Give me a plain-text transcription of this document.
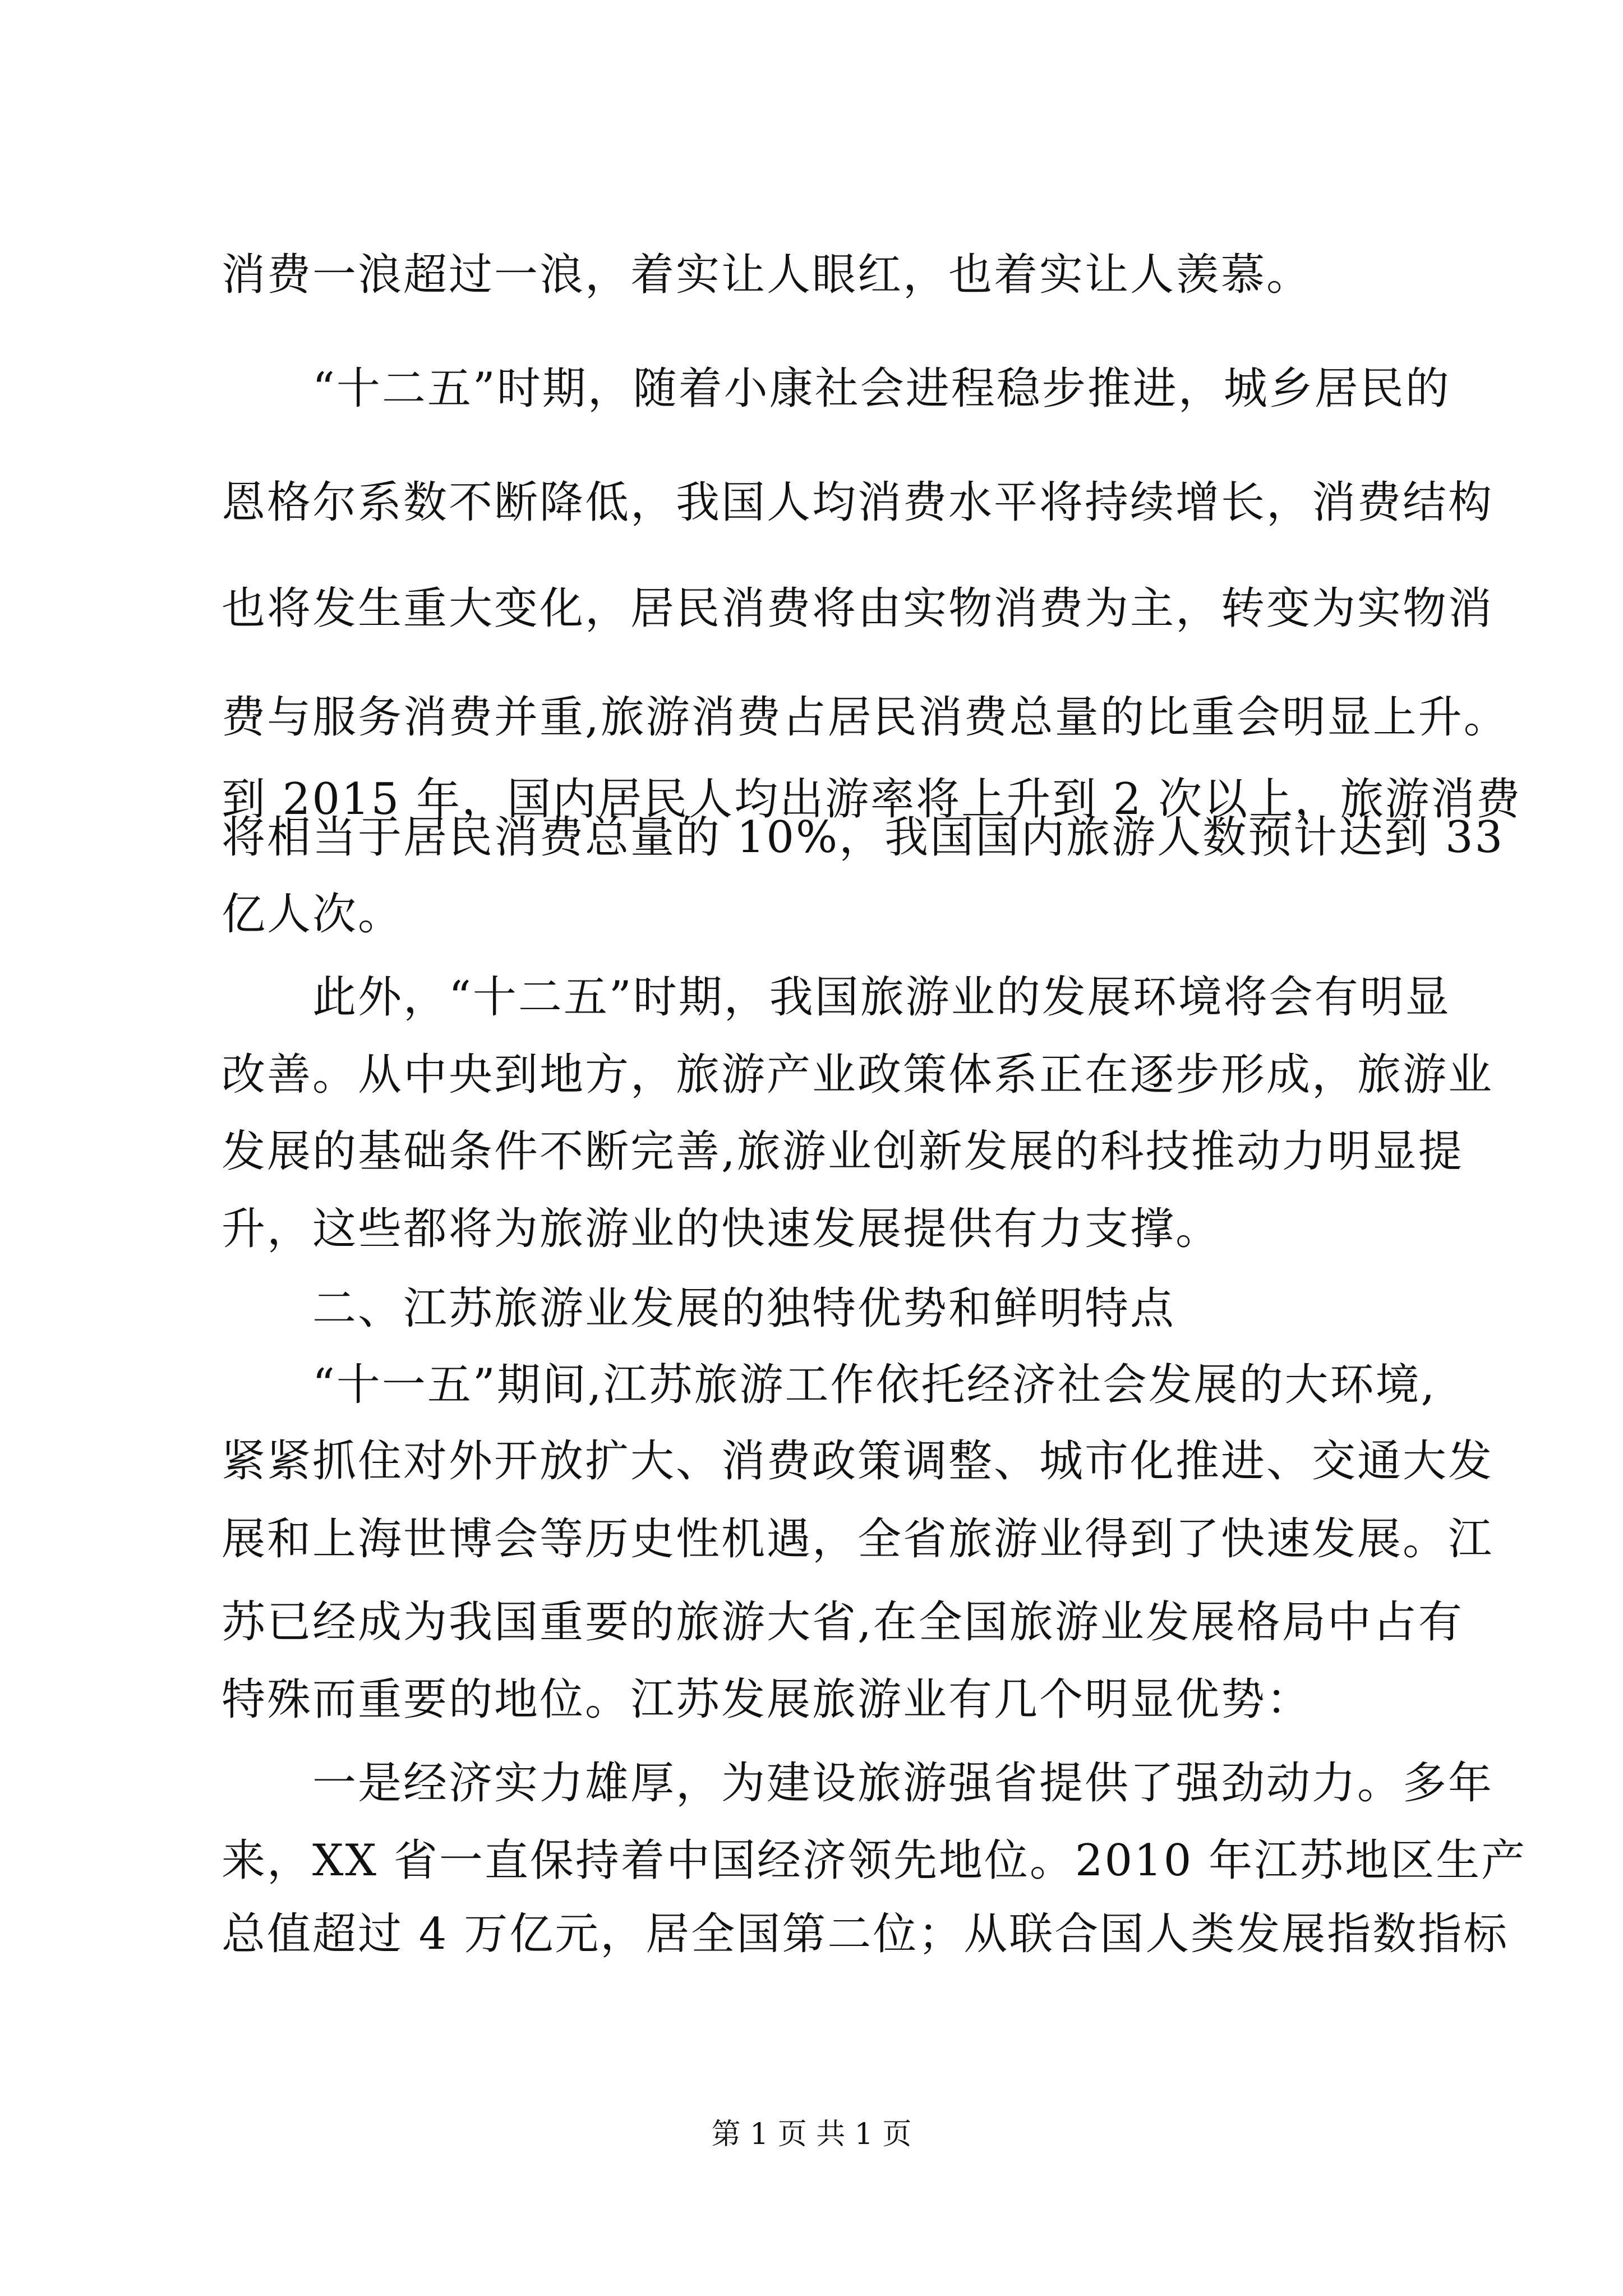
消费一浪超过一浪，着实让人眼红，也着实让人羡慕。
　　“十二五”时期，随着小康社会进程稳步推进，城乡居民的
恩格尔系数不断降低，我国人均消费水平将持续增长，消费结构
也将发生重大变化，居民消费将由实物消费为主，转变为实物消
费与服务消费并重,旅游消费占居民消费总量的比重会明显上升。
到 2015 年，国内居民人均出游率将上升到 2 次以上，旅游消费
将相当于居民消费总量的 10%，我国国内旅游人数预计达到 33
亿人次。
　　此外，“十二五”时期，我国旅游业的发展环境将会有明显
改善。从中央到地方，旅游产业政策体系正在逐步形成，旅游业
发展的基础条件不断完善,旅游业创新发展的科技推动力明显提
升，这些都将为旅游业的快速发展提供有力支撑。
　　二、江苏旅游业发展的独特优势和鲜明特点
　　“十一五”期间,江苏旅游工作依托经济社会发展的大环境,
紧紧抓住对外开放扩大、消费政策调整、城市化推进、交通大发
展和上海世博会等历史性机遇，全省旅游业得到了快速发展。江
苏已经成为我国重要的旅游大省,在全国旅游业发展格局中占有
特殊而重要的地位。江苏发展旅游业有几个明显优势：
　　一是经济实力雄厚，为建设旅游强省提供了强劲动力。多年
来，XX 省一直保持着中国经济领先地位。2010 年江苏地区生产
总值超过 4 万亿元，居全国第二位；从联合国人类发展指数指标
第 1 页 共 1 页
